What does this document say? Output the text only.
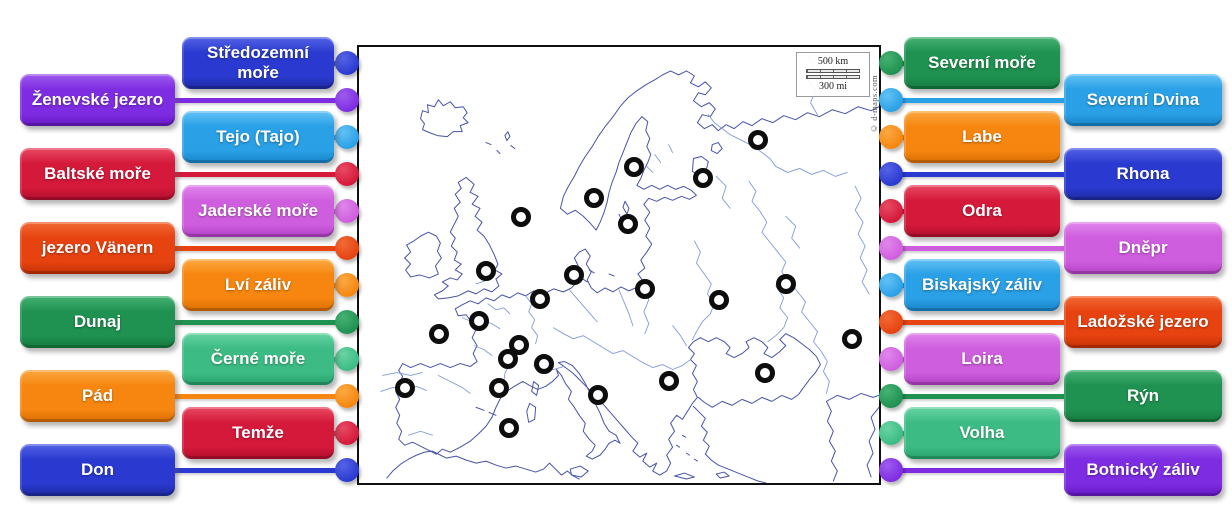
500 km
300 mi	© d-maps.com
Středozemní moře
Ženevské jezero
Tejo (Tajo)
Baltské moře
Jaderské moře
jezero Vänern
Lví záliv
Dunaj
Černé moře
Pád
Temže
Don
Severní moře
Severní Dvina
Labe
Rhona
Odra
Dněpr
Biskajský záliv
Ladožské jezero
Loira
Rýn
Volha
Botnický záliv
